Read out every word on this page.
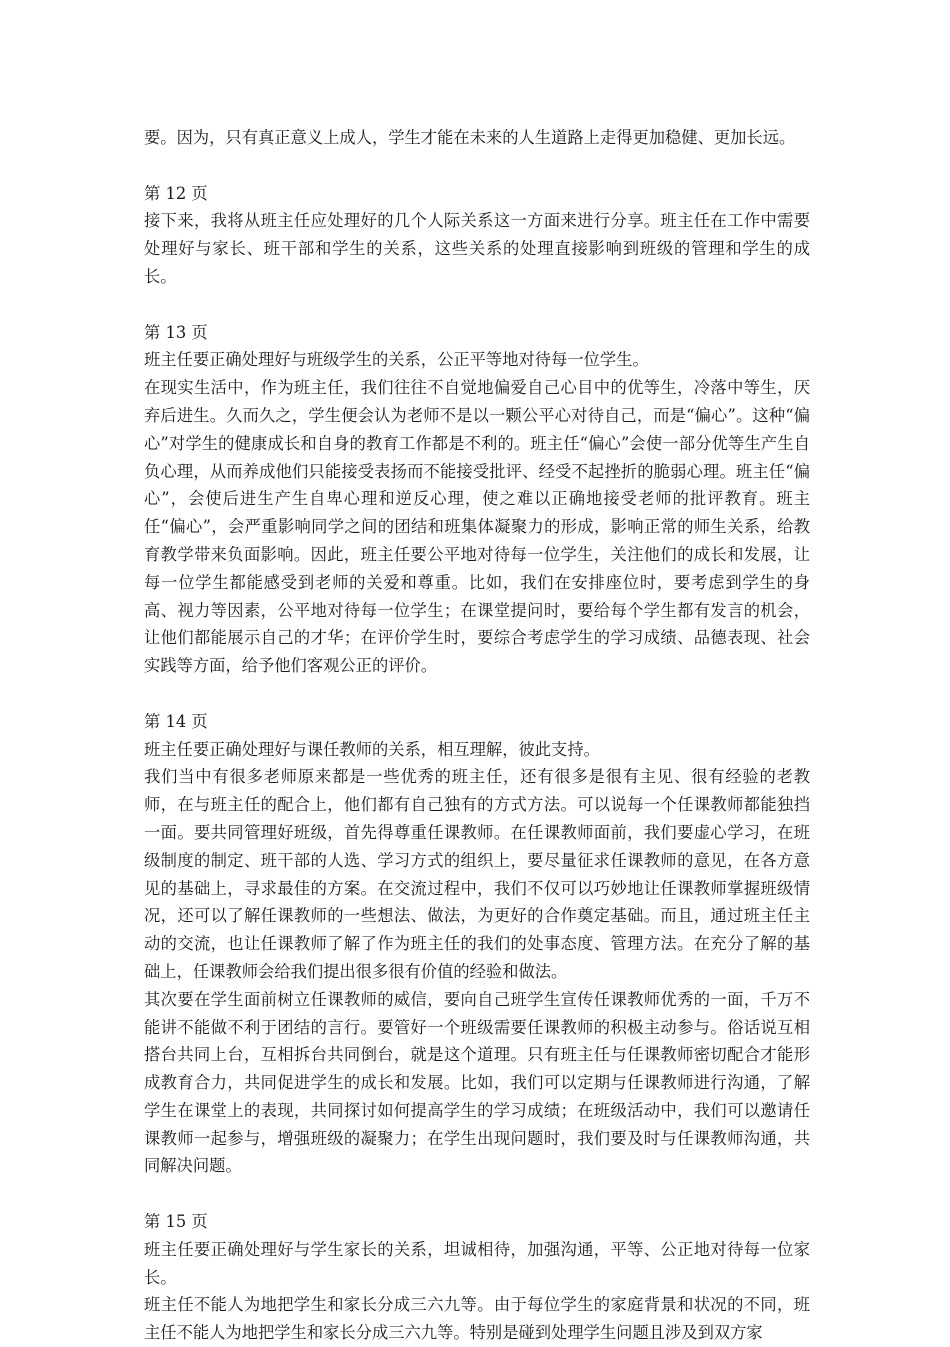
要。因为，只有真正意义上成人，学生才能在未来的人生道路上走得更加稳健、更加长远。

第 12 页

接下来，我将从班主任应处理好的几个人际关系这一方面来进行分享。班主任在工作中需要处理好与家长、班干部和学生的关系，这些关系的处理直接影响到班级的管理和学生的成长。

第 13 页

班主任要正确处理好与班级学生的关系，公正平等地对待每一位学生。

在现实生活中，作为班主任，我们往往不自觉地偏爱自己心目中的优等生，冷落中等生，厌弃后进生。久而久之，学生便会认为老师不是以一颗公平心对待自己，而是“偏心”。这种“偏心”对学生的健康成长和自身的教育工作都是不利的。班主任“偏心”会使一部分优等生产生自负心理，从而养成他们只能接受表扬而不能接受批评、经受不起挫折的脆弱心理。班主任“偏心”，会使后进生产生自卑心理和逆反心理，使之难以正确地接受老师的批评教育。班主任“偏心”，会严重影响同学之间的团结和班集体凝聚力的形成，影响正常的师生关系，给教育教学带来负面影响。因此，班主任要公平地对待每一位学生，关注他们的成长和发展，让每一位学生都能感受到老师的关爱和尊重。比如，我们在安排座位时，要考虑到学生的身高、视力等因素，公平地对待每一位学生；在课堂提问时，要给每个学生都有发言的机会，让他们都能展示自己的才华；在评价学生时，要综合考虑学生的学习成绩、品德表现、社会实践等方面，给予他们客观公正的评价。

第 14 页

班主任要正确处理好与课任教师的关系，相互理解，彼此支持。

我们当中有很多老师原来都是一些优秀的班主任，还有很多是很有主见、很有经验的老教师，在与班主任的配合上，他们都有自己独有的方式方法。可以说每一个任课教师都能独挡一面。要共同管理好班级，首先得尊重任课教师。在任课教师面前，我们要虚心学习，在班级制度的制定、班干部的人选、学习方式的组织上，要尽量征求任课教师的意见，在各方意见的基础上，寻求最佳的方案。在交流过程中，我们不仅可以巧妙地让任课教师掌握班级情况，还可以了解任课教师的一些想法、做法，为更好的合作奠定基础。而且，通过班主任主动的交流，也让任课教师了解了作为班主任的我们的处事态度、管理方法。在充分了解的基础上，任课教师会给我们提出很多很有价值的经验和做法。

其次要在学生面前树立任课教师的威信，要向自己班学生宣传任课教师优秀的一面，千万不能讲不能做不利于团结的言行。要管好一个班级需要任课教师的积极主动参与。俗话说互相搭台共同上台，互相拆台共同倒台，就是这个道理。只有班主任与任课教师密切配合才能形成教育合力，共同促进学生的成长和发展。比如，我们可以定期与任课教师进行沟通，了解学生在课堂上的表现，共同探讨如何提高学生的学习成绩；在班级活动中，我们可以邀请任课教师一起参与，增强班级的凝聚力；在学生出现问题时，我们要及时与任课教师沟通，共同解决问题。

第 15 页

班主任要正确处理好与学生家长的关系，坦诚相待，加强沟通，平等、公正地对待每一位家长。

班主任不能人为地把学生和家长分成三六九等。由于每位学生的家庭背景和状况的不同，班主任不能人为地把学生和家长分成三六九等。特别是碰到处理学生问题且涉及到双方家
